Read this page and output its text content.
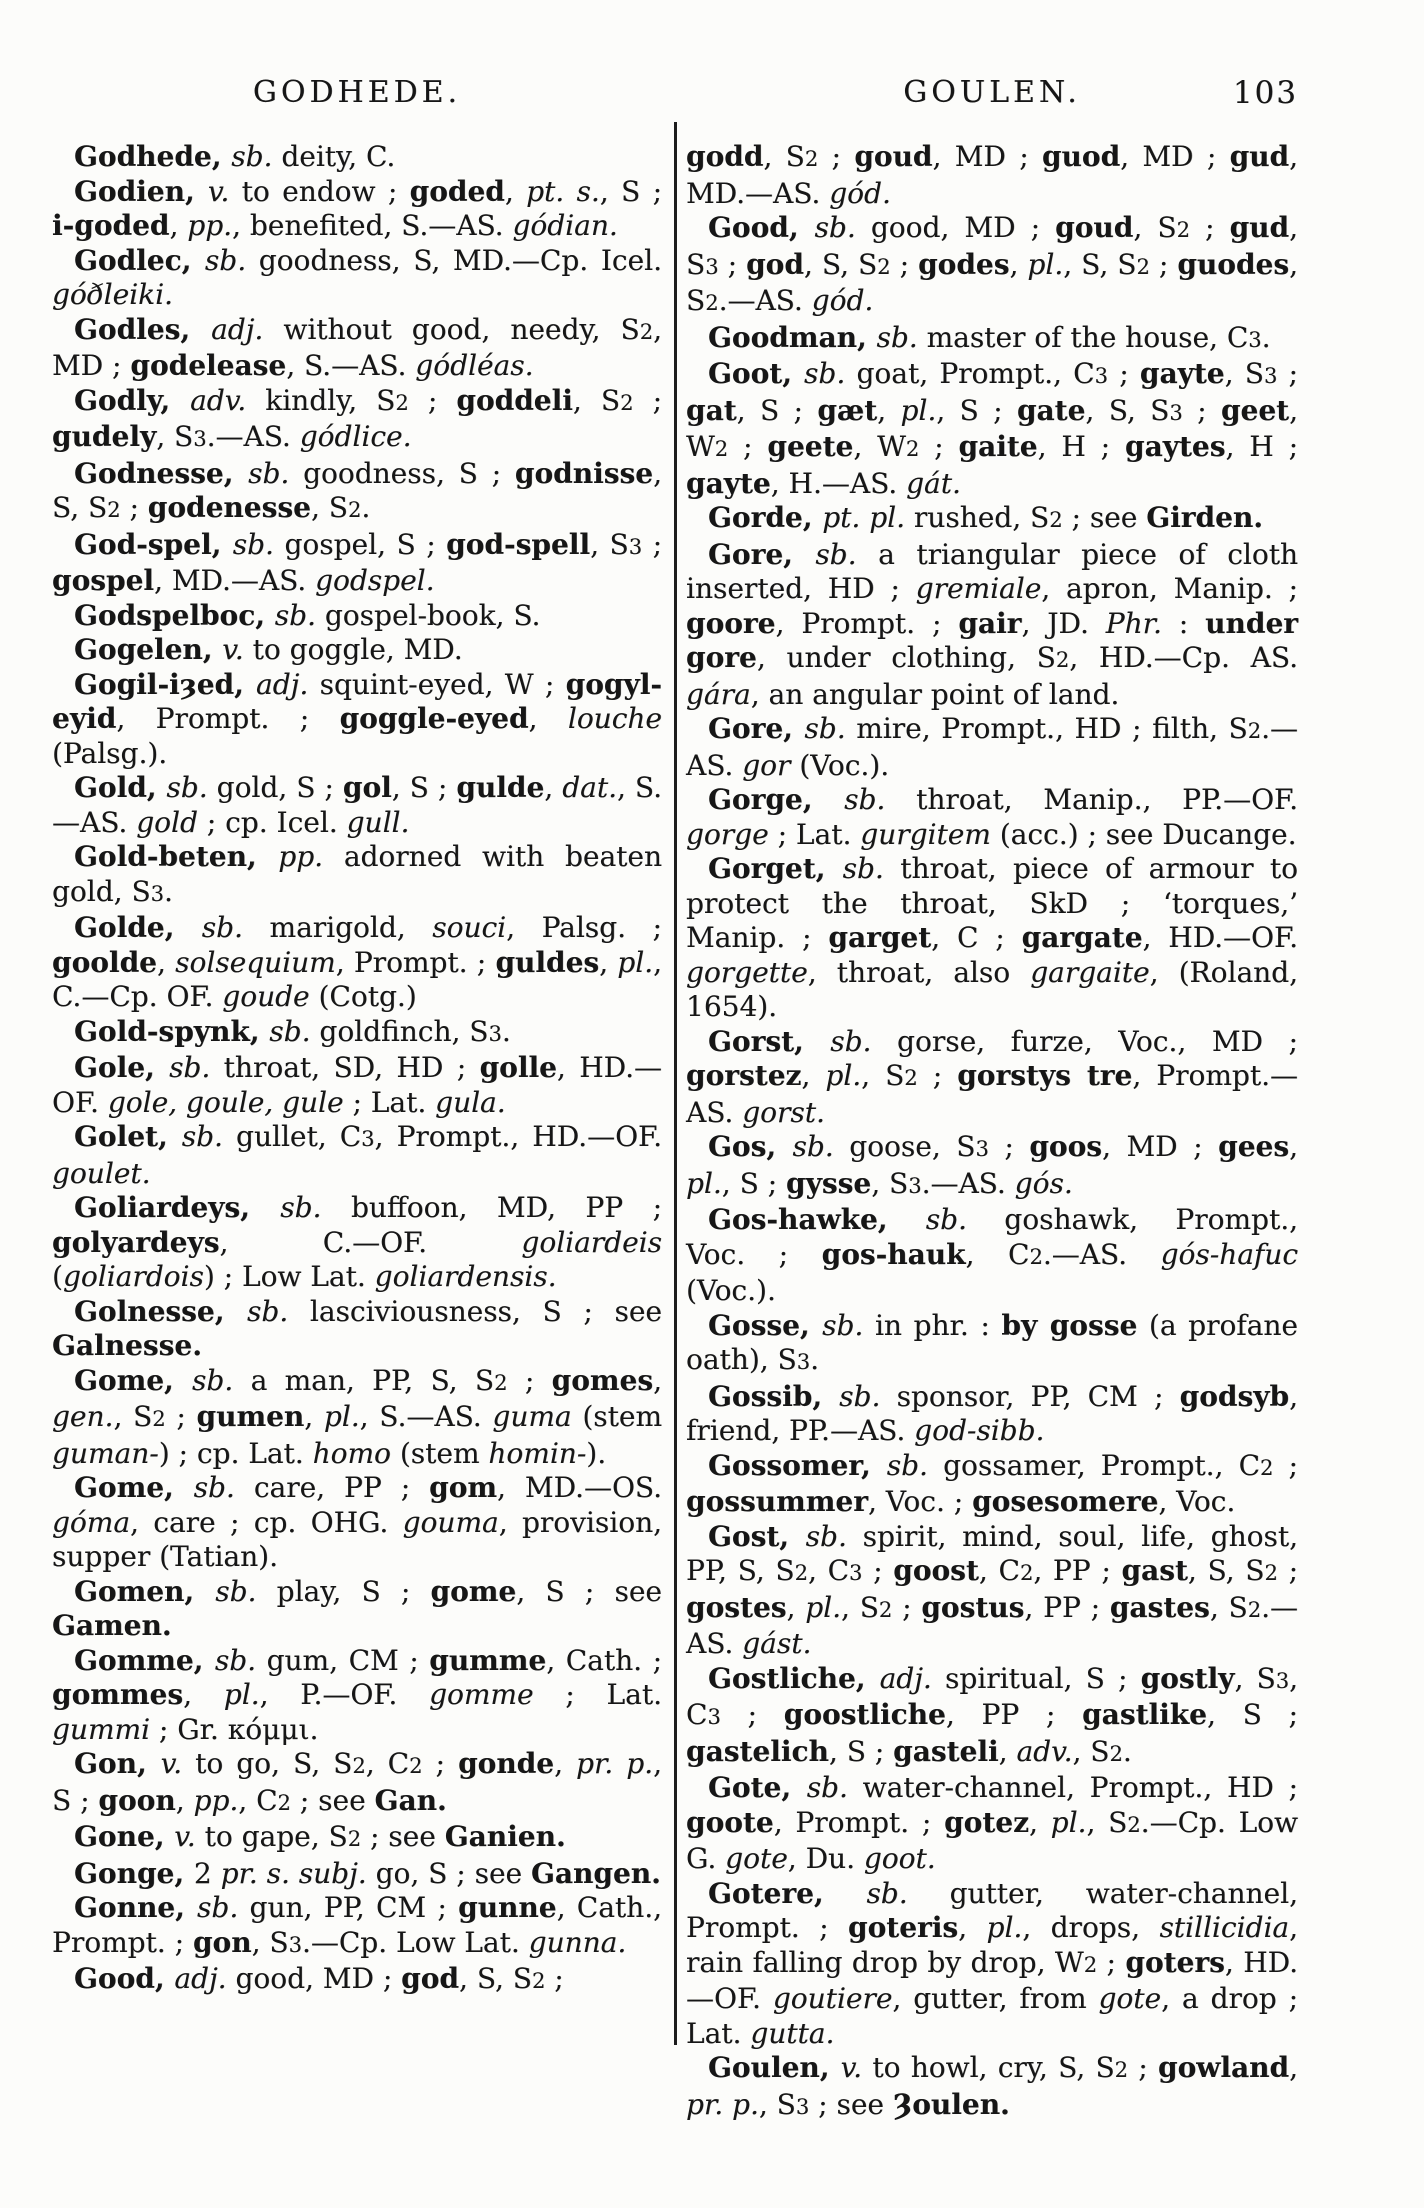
GODHEDE.	GOULEN.	103

Godhede, sb. deity, C.

Godien, v. to endow ; goded, pt. s., S ; i-goded, pp., benefited, S.—AS. gódian.

Godlec, sb. goodness, S, MD.—Cp. Icel. góðleiki.

Godles, adj. without good, needy, S2, MD ; godelease, S.—AS. gódléas.

Godly, adv. kindly, S2 ; goddeli, S2 ; gudely, S3.—AS. gódlice.

Godnesse, sb. goodness, S ; godnisse, S, S2 ; godenesse, S2.

God-spel, sb. gospel, S ; god-spell, S3 ; gospel, MD.—AS. godspel.

Godspelboc, sb. gospel-book, S.

Gogelen, v. to goggle, MD.

Gogil-iȝed, adj. squint-eyed, W ; gogyl-eyid, Prompt. ; goggle-eyed, louche (Palsg.).

Gold, sb. gold, S ; gol, S ; gulde, dat., S.—AS. gold ; cp. Icel. gull.

Gold-beten, pp. adorned with beaten gold, S3.

Golde, sb. marigold, souci, Palsg. ; goolde, solsequium, Prompt. ; guldes, pl., C.—Cp. OF. goude (Cotg.)

Gold-spynk, sb. goldfinch, S3.

Gole, sb. throat, SD, HD ; golle, HD.—OF. gole, goule, gule ; Lat. gula.

Golet, sb. gullet, C3, Prompt., HD.—OF. goulet.

Goliardeys, sb. buffoon, MD, PP ; golyardeys, C.—OF. goliardeis (goliardois) ; Low Lat. goliardensis.

Golnesse, sb. lasciviousness, S ; see Galnesse.

Gome, sb. a man, PP, S, S2 ; gomes, gen., S2 ; gumen, pl., S.—AS. guma (stem guman-) ; cp. Lat. homo (stem homin-).

Gome, sb. care, PP ; gom, MD.—OS. góma, care ; cp. OHG. gouma, provision, supper (Tatian).

Gomen, sb. play, S ; gome, S ; see Gamen.

Gomme, sb. gum, CM ; gumme, Cath. ; gommes, pl., P.—OF. gomme ; Lat. gummi ; Gr. κόμμι.

Gon, v. to go, S, S2, C2 ; gonde, pr. p., S ; goon, pp., C2 ; see Gan.

Gone, v. to gape, S2 ; see Ganien.

Gonge, 2 pr. s. subj. go, S ; see Gangen.

Gonne, sb. gun, PP, CM ; gunne, Cath., Prompt. ; gon, S3.—Cp. Low Lat. gunna.

Good, adj. good, MD ; god, S, S2 ;

godd, S2 ; goud, MD ; guod, MD ; gud, MD.—AS. gód.

Good, sb. good, MD ; goud, S2 ; gud, S3 ; god, S, S2 ; godes, pl., S, S2 ; guodes, S2.—AS. gód.

Goodman, sb. master of the house, C3.

Goot, sb. goat, Prompt., C3 ; gayte, S3 ; gat, S ; gæt, pl., S ; gate, S, S3 ; geet, W2 ; geete, W2 ; gaite, H ; gaytes, H ; gayte, H.—AS. gát.

Gorde, pt. pl. rushed, S2 ; see Girden.

Gore, sb. a triangular piece of cloth inserted, HD ; gremiale, apron, Manip. ; goore, Prompt. ; gair, JD. Phr. : under gore, under clothing, S2, HD.—Cp. AS. gára, an angular point of land.

Gore, sb. mire, Prompt., HD ; filth, S2.—AS. gor (Voc.).

Gorge, sb. throat, Manip., PP.—OF. gorge ; Lat. gurgitem (acc.) ; see Ducange.

Gorget, sb. throat, piece of armour to protect the throat, SkD ; ‘torques,’ Manip. ; garget, C ; gargate, HD.—OF. gorgette, throat, also gargaite, (Roland, 1654).

Gorst, sb. gorse, furze, Voc., MD ; gorstez, pl., S2 ; gorstys tre, Prompt.—AS. gorst.

Gos, sb. goose, S3 ; goos, MD ; gees, pl., S ; gysse, S3.—AS. gós.

Gos-hawke, sb. goshawk, Prompt., Voc. ; gos-hauk, C2.—AS. gós-hafuc (Voc.).

Gosse, sb. in phr. : by gosse (a profane oath), S3.

Gossib, sb. sponsor, PP, CM ; godsyb, friend, PP.—AS. god-sibb.

Gossomer, sb. gossamer, Prompt., C2 ; gossummer, Voc. ; gosesomere, Voc.

Gost, sb. spirit, mind, soul, life, ghost, PP, S, S2, C3 ; goost, C2, PP ; gast, S, S2 ; gostes, pl., S2 ; gostus, PP ; gastes, S2.—AS. gást.

Gostliche, adj. spiritual, S ; gostly, S3, C3 ; goostliche, PP ; gastlike, S ; gastelich, S ; gasteli, adv., S2.

Gote, sb. water-channel, Prompt., HD ; goote, Prompt. ; gotez, pl., S2.—Cp. Low G. gote, Du. goot.

Gotere, sb. gutter, water-channel, Prompt. ; goteris, pl., drops, stillicidia, rain falling drop by drop, W2 ; goters, HD.—OF. goutiere, gutter, from gote, a drop ; Lat. gutta.

Goulen, v. to howl, cry, S, S2 ; gowland, pr. p., S3 ; see Ȝoulen.
